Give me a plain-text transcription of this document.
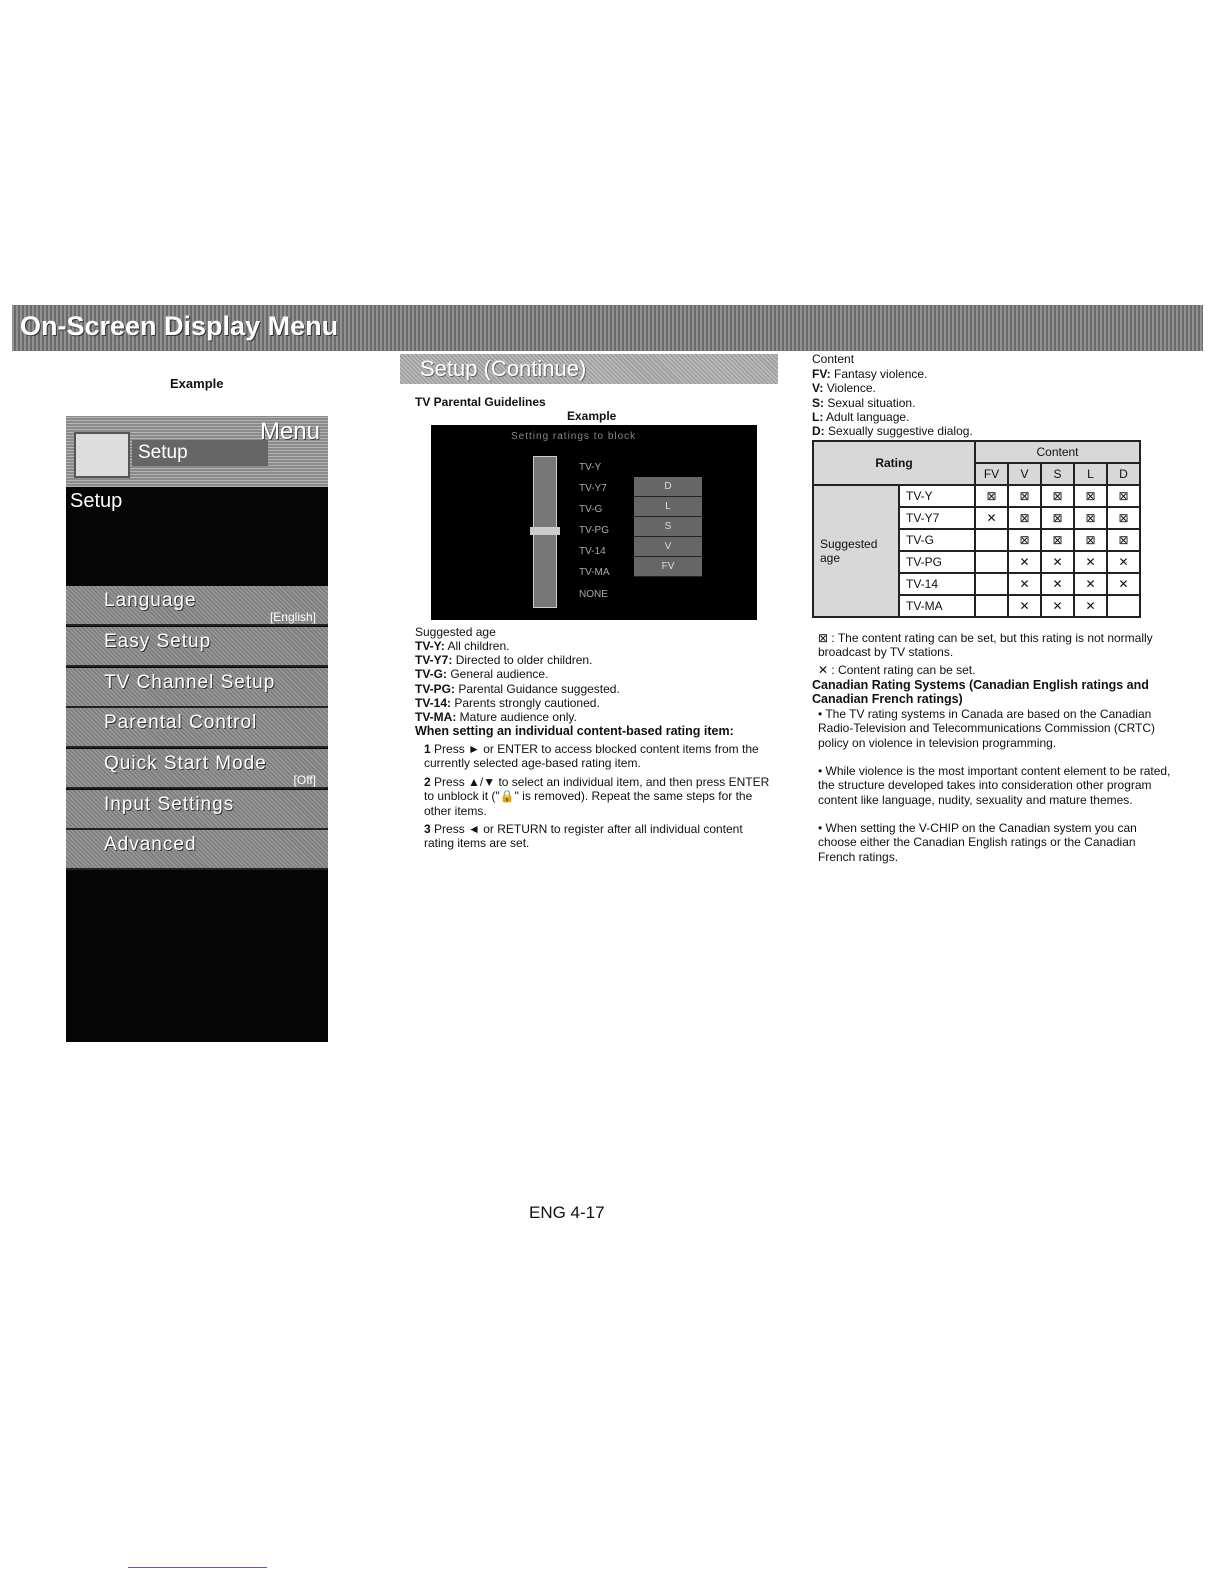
On-Screen Display Menu
Example
Setup
Menu
Setup
Language
[English]
Easy Setup
TV Channel Setup
Parental Control
Quick Start Mode
[Off]
Input Settings
Advanced
Setup (Continue)
TV Parental Guidelines
Example
Setting ratings to block
TV-Y
TV-Y7
TV-G
TV-PG
TV-14
TV-MA
NONE
D
L
S
V
FV
Suggested age
TV-Y: All children.
TV-Y7: Directed to older children.
TV-G: General audience.
TV-PG: Parental Guidance suggested.
TV-14: Parents strongly cautioned.
TV-MA: Mature audience only.
When setting an individual content-based rating item:
1 Press ► or ENTER to access blocked content items from the currently selected age-based rating item.
2 Press ▲/▼ to select an individual item, and then press ENTER to unblock it ("🔒" is removed). Repeat the same steps for the other items.
3 Press ◄ or RETURN to register after all individual content rating items are set.
Content
FV: Fantasy violence.
V: Violence.
S: Sexual situation.
L: Adult language.
D: Sexually suggestive dialog.
Rating		Content				
		FV	V	S	L	D
Suggested age	TV-Y	⊠	⊠	⊠	⊠	⊠
	TV-Y7	✕	⊠	⊠	⊠	⊠
	TV-G		⊠	⊠	⊠	⊠
	TV-PG		✕	✕	✕	✕
	TV-14		✕	✕	✕	✕
	TV-MA		✕	✕	✕	
⊠ : The content rating can be set, but this rating is not normally broadcast by TV stations.
✕ : Content rating can be set.
Canadian Rating Systems (Canadian English ratings and Canadian French ratings)
• The TV rating systems in Canada are based on the Canadian Radio-Television and Telecommunications Commission (CRTC) policy on violence in television programming.
• While violence is the most important content element to be rated, the structure developed takes into consideration other program content like language, nudity, sexuality and mature themes.
• When setting the V-CHIP on the Canadian system you can choose either the Canadian English ratings or the Canadian French ratings.
ENG 4-17
